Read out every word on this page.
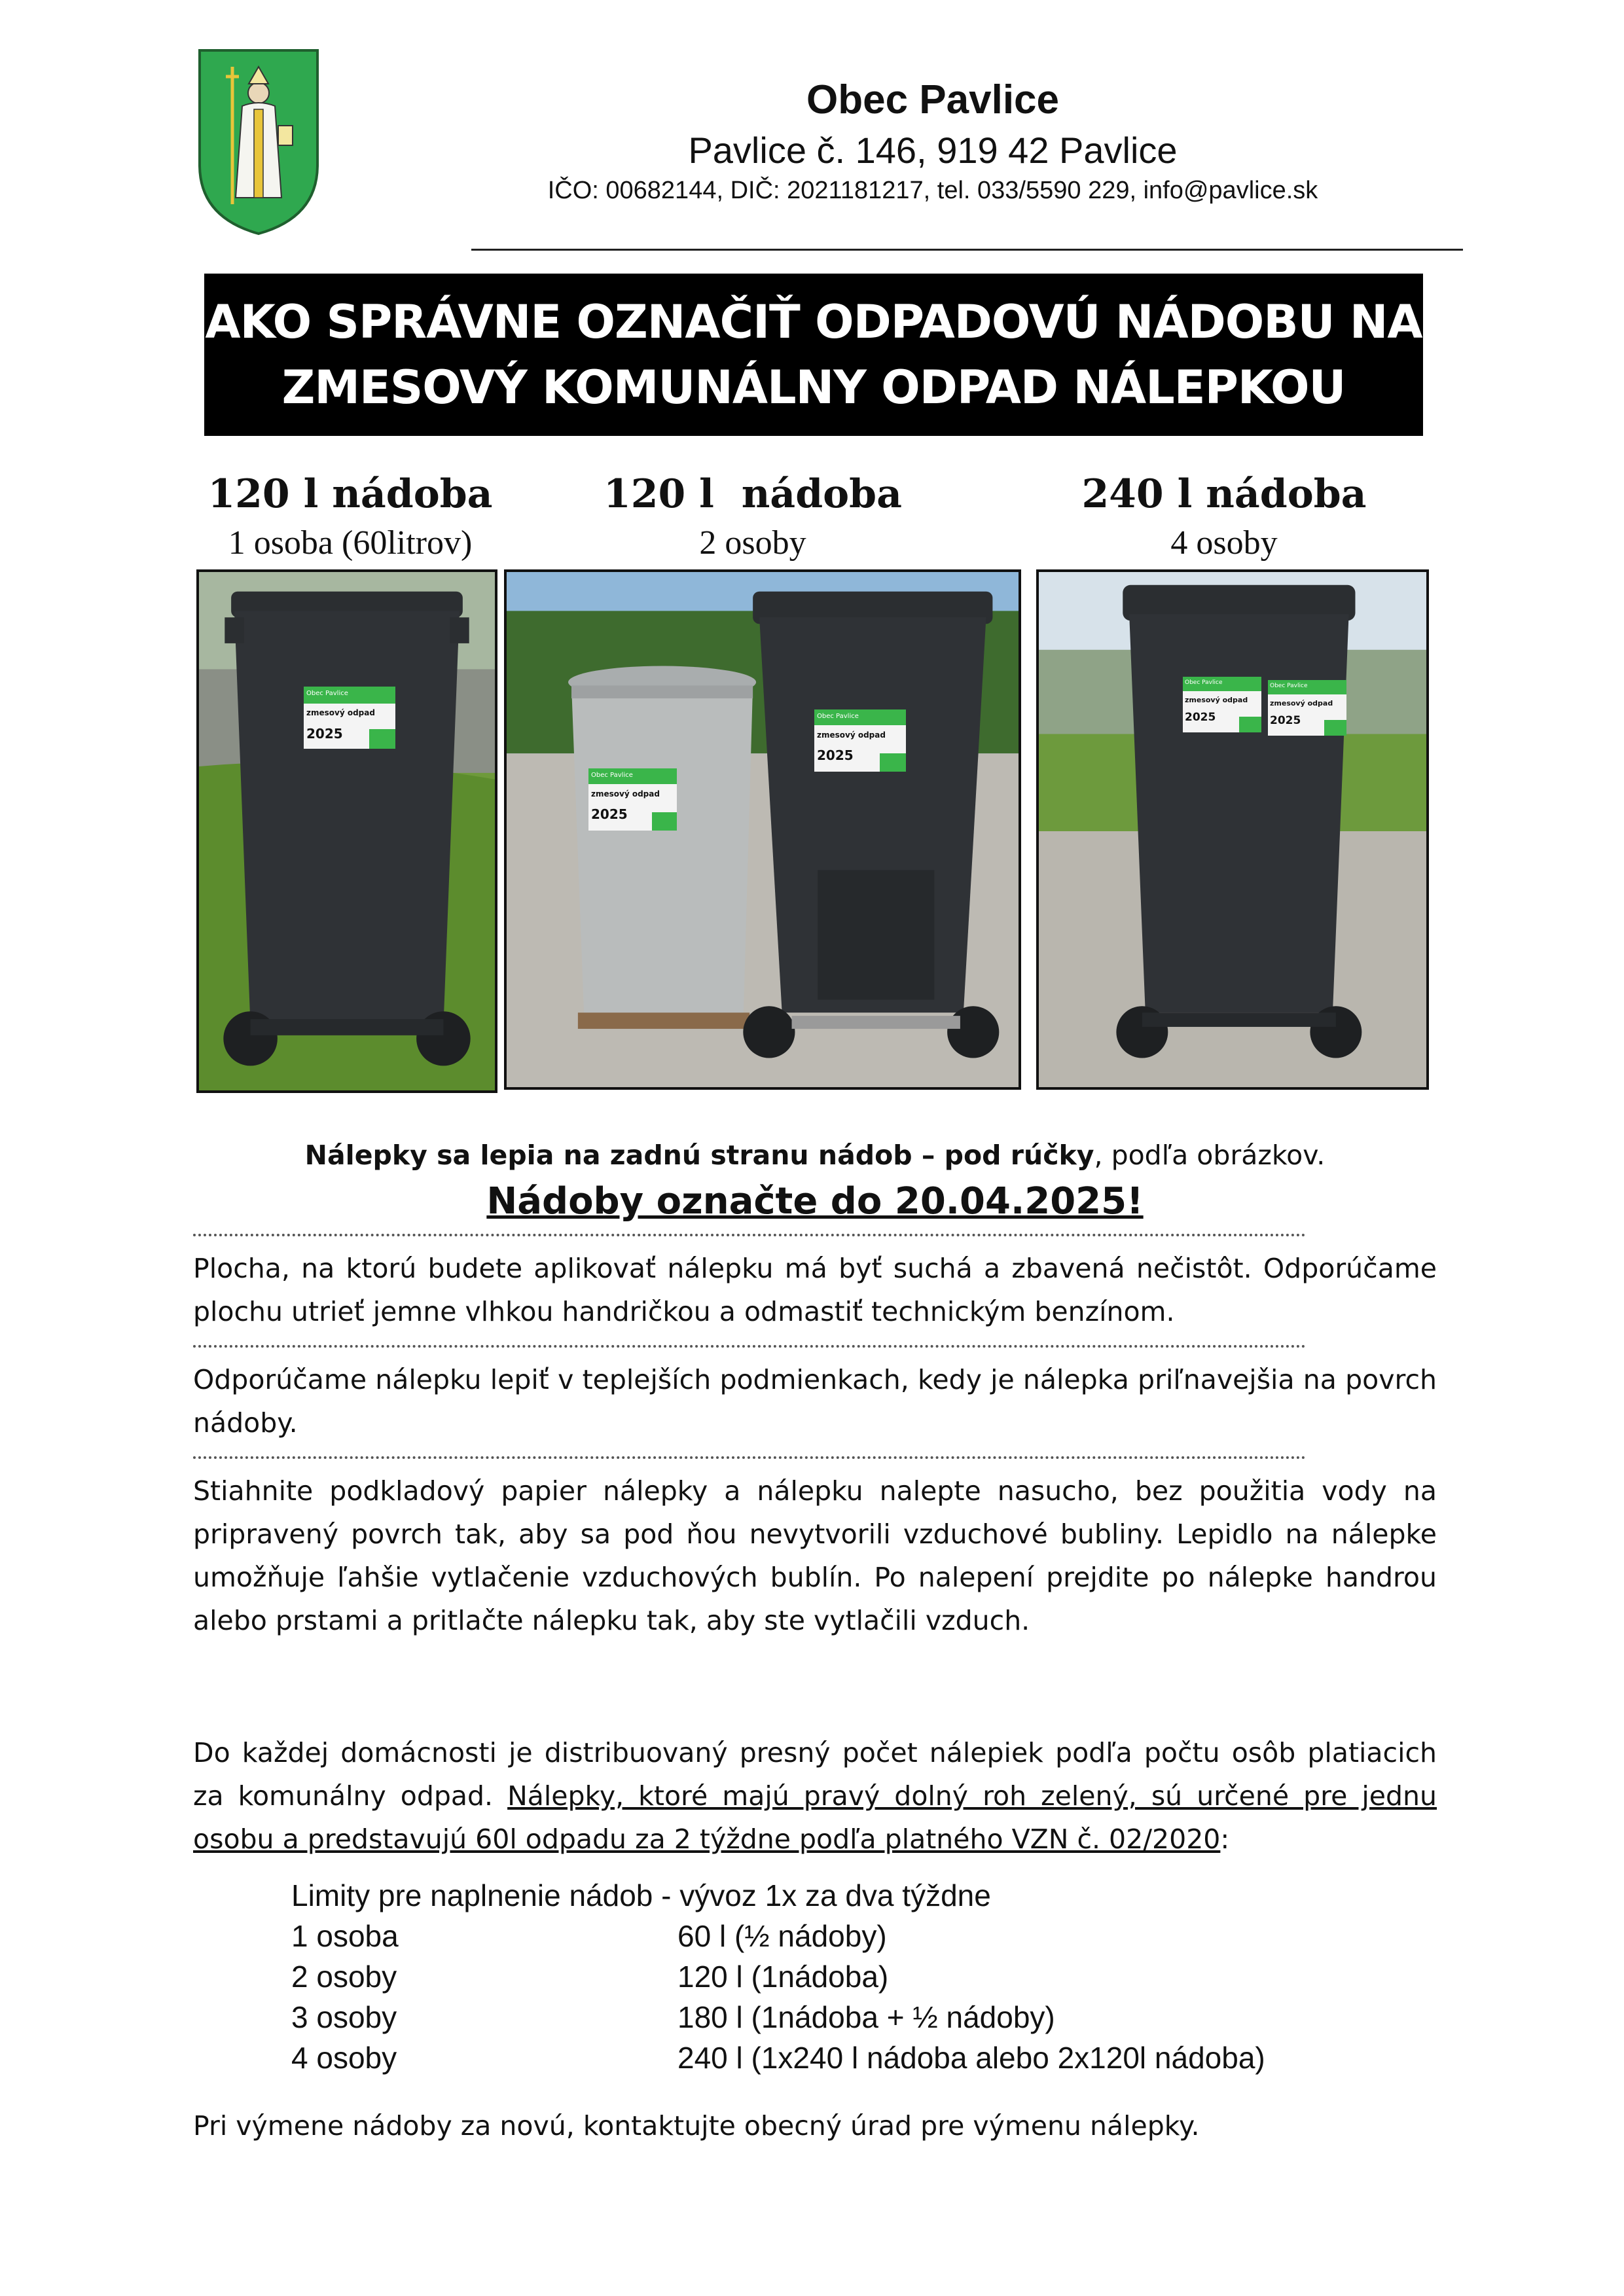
Obec Pavlice
Pavlice č. 146, 919 42 Pavlice
IČO: 00682144, DIČ: 2021181217, tel. 033/5590 229, info@pavlice.sk
AKO SPRÁVNE OZNAČIŤ ODPADOVÚ NÁDOBU NA
ZMESOVÝ KOMUNÁLNY ODPAD NÁLEPKOU
120 l nádoba
1 osoba (60litrov)
120 l  nádoba
2 osoby
240 l nádoba
4 osoby
Obec Pavlice
zmesový odpad
2025
Obec Pavlice
zmesový odpad
2025
Obec Pavlice
zmesový odpad
2025
Obec Pavlice
zmesový odpad
2025
Obec Pavlice
zmesový odpad
2025
Nálepky sa lepia na zadnú stranu nádob – pod rúčky, podľa obrázkov.
Nádoby označte do 20.04.2025!
Plocha, na ktorú budete aplikovať nálepku má byť suchá a zbavená nečistôt. Odporúčame plochu utrieť jemne vlhkou handričkou a odmastiť technickým benzínom.
Odporúčame nálepku lepiť v teplejších podmienkach, kedy je nálepka priľnavejšia na povrch nádoby.
Stiahnite podkladový papier nálepky a nálepku nalepte nasucho, bez použitia vody na pripravený povrch tak, aby sa pod ňou nevytvorili vzduchové bubliny. Lepidlo na nálepke umožňuje ľahšie vytlačenie vzduchových bublín. Po nalepení prejdite po nálepke handrou alebo prstami a pritlačte nálepku tak, aby ste vytlačili vzduch.
Do každej domácnosti je distribuovaný presný počet nálepiek podľa počtu osôb platiacich za komunálny odpad. Nálepky, ktoré majú pravý dolný roh zelený, sú určené pre jednu osobu a predstavujú 60l odpadu za 2 týždne podľa platného VZN č. 02/2020:
Limity pre naplnenie nádob - vývoz 1x za dva týždne
1 osoba	60 l (½ nádoby)
2 osoby	120 l (1nádoba)
3 osoby	180 l (1nádoba + ½ nádoby)
4 osoby	240 l (1x240 l nádoba alebo 2x120l nádoba)
Pri výmene nádoby za novú, kontaktujte obecný úrad pre výmenu nálepky.
